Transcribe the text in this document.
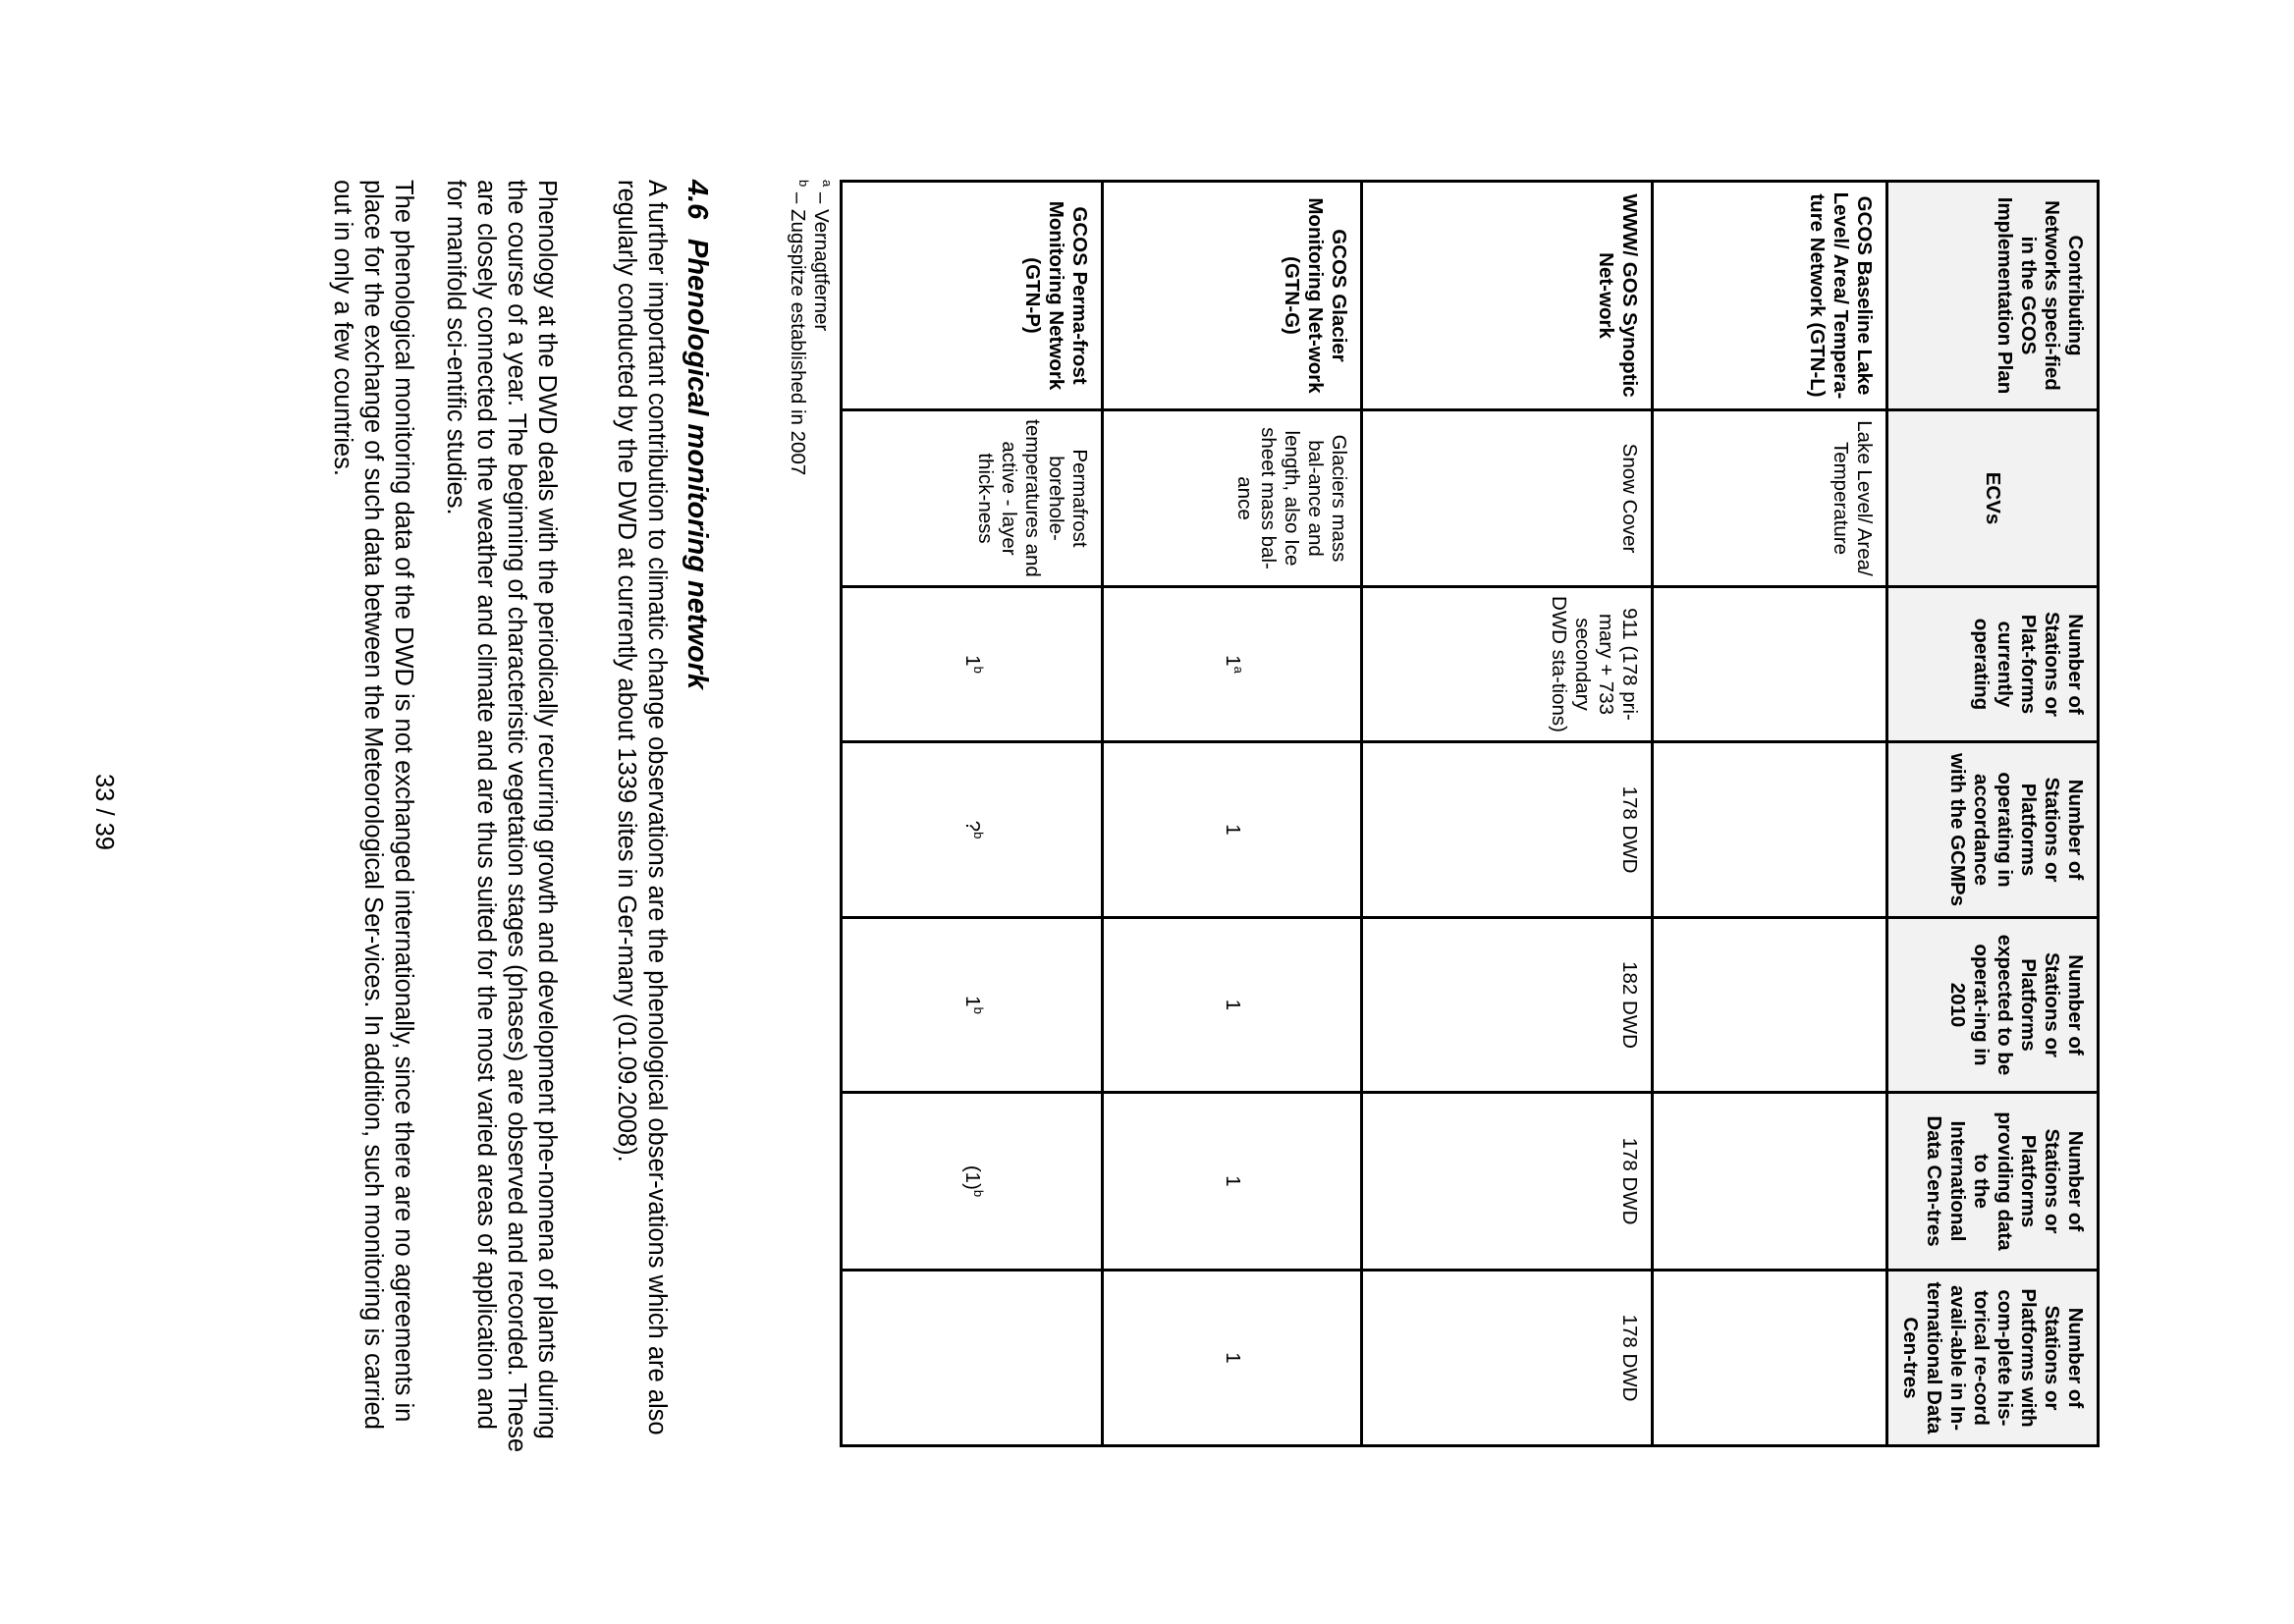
Contributing Networks speci-fied in the GCOS Implementation Plan	ECVs	Number of Stations or Plat-forms currently operating	Number of Stations or Platforms operating in accordance with the GCMPs	Number of Stations or Platforms expected to be operat-ing in 2010	Number of Stations or Platforms providing data to the International Data Cen-tres	Number of Stations or Platforms with com-plete his-torical re-cord avail-able in In-ternational Data Cen-tres
GCOS Baseline Lake Level/ Area/ Tempera-ture Network (GTN-L)	Lake Level/ Area/ Temperature					
WWW/ GOS Synoptic Net-work	Snow Cover	911 (178 pri-mary + 733 secondary DWD sta-tions)	178 DWD	182 DWD	178 DWD	178 DWD
GCOS Glacier Monitoring Net-work (GTN-G)	Glaciers mass bal-ance and length, also Ice sheet mass bal-ance	1$^a$	1	1	1	1
GCOS Perma-frost Monitoring Network (GTN-P)	Permafrost borehole-temperatures and active - layer thick-ness	1$^b$	?$^b$	1$^b$	$(1)^b$	
$^a$ – Vernagtferner
$^b$ – Zugspitze established in 2007
4.6Phenological monitoring network

A further important contribution to climatic change observations are the phenological obser-vations which are also regularly conducted by the DWD at currently about 1339 sites in Ger-many (01.09.2008).

Phenology at the DWD deals with the periodically recurring growth and development phe-nomena of plants during the course of a year. The beginning of characteristic vegetation stages (phases) are observed and recorded. These are closely connected to the weather and climate and are thus suited for the most varied areas of application and for manifold sci-entific studies.

The phenological monitoring data of the DWD is not exchanged internationally, since there are no agreements in place for the exchange of such data between the Meteorological Ser-vices. In addition, such monitoring is carried out in only a few countries.

33 / 39
